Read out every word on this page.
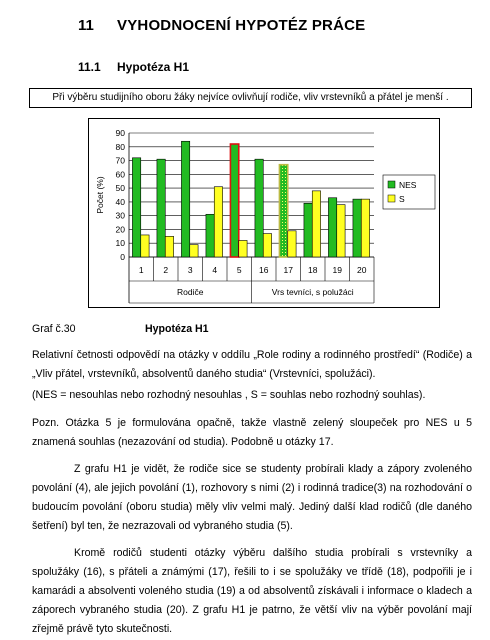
11 VYHODNOCENÍ HYPOTÉZ PRÁCE
11.1 Hypotéza H1
Při výběru studijního oboru žáky nejvíce ovlivňují rodiče, vliv vrstevníků a přátel je menší .
0
10
20
30
40
50
60
70
80
90
Počet (%)
1 2 3 4 5 16 17 18 19 20
Rodiče	Vrs tevníci, s polužáci
NES
S
Graf č.30	Hypotéza H1
Relativní četnosti odpovědí na otázky v oddílu „Role rodiny a rodinného prostředí“ (Rodiče) a „Vliv přátel, vrstevníků, absolventů daného studia“ (Vrstevníci, spolužáci).
(NES = nesouhlas nebo rozhodný nesouhlas , S = souhlas nebo rozhodný souhlas).
Pozn. Otázka 5 je formulována opačně, takže vlastně zelený sloupeček pro NES u 5 znamená souhlas (nezazování od studia). Podobně u otázky 17.
Z grafu H1 je vidět, že rodiče sice se studenty probírali klady a zápory zvoleného povolání (4), ale jejich povolání (1), rozhovory s nimi (2) i rodinná tradice(3) na rozhodování o budoucím povolání (oboru studia) měly vliv velmi malý. Jediný další klad rodičů (dle daného šetření) byl ten, že nezrazovali od vybraného studia (5).
Kromě rodičů studenti otázky výběru dalšího studia probírali s vrstevníky a spolužáky (16), s přáteli a známými (17), řešili to i se spolužáky ve třídě (18), podpořili je i kamarádi a absolventi voleného studia (19) a od absolventů získávali i informace o kladech a záporech vybraného studia (20). Z grafu H1 je patrno, že větší vliv na výběr povolání mají zřejmě právě tyto skutečnosti.
